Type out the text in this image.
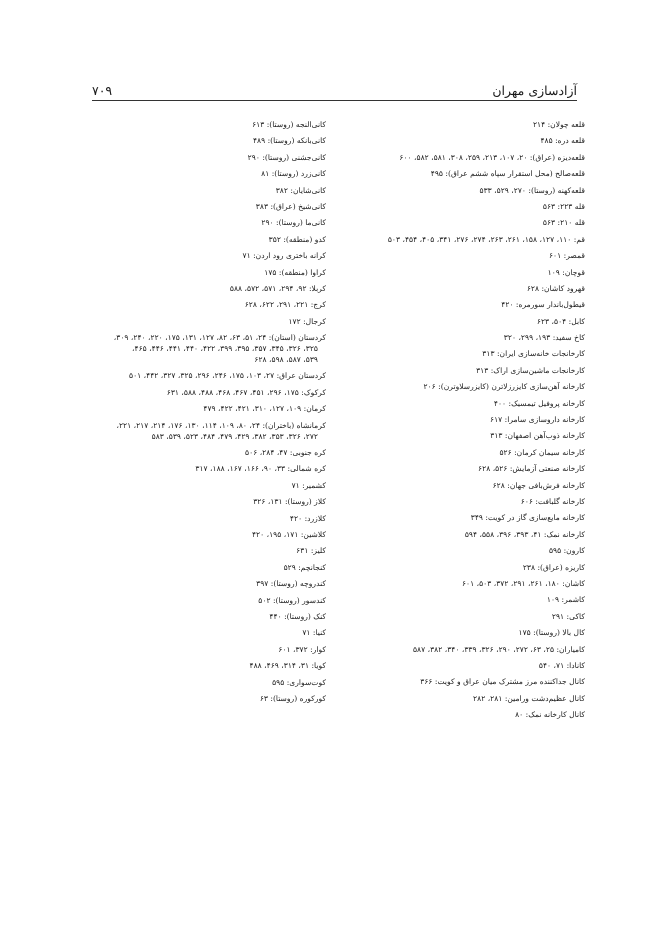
آزادسازی مهران
۷۰۹
قلعه چولان: ۲۱۴
قلعه دره: ۴۸۵
قلعه‌دیزه (عراق): ۲۰، ۱۰۷، ۲۱۳، ۲۵۹، ۳۰۸، ۵۸۱، ۵۸۲، ۶۰۰
قلعه‌صالح (محل استقرار سپاه ششم عراق): ۴۹۵
قلعه‌کهنه (روستا): ۲۷۰، ۵۲۹، ۵۳۳
قله ۲۲۳: ۵۶۳
قله ۲۱۰: ۵۶۳
قم: ۱۱۰، ۱۲۷، ۱۵۸، ۲۶۱، ۲۶۳، ۲۷۴، ۲۷۶، ۳۴۱، ۴۰۵، ۴۵۴، ۵۰۳
قمصر: ۶۰۱
قوچان: ۱۰۹
قهرود کاشان: ۶۲۸
قیطول‌باندار سورمره: ۴۲۰
کابل: ۵۰۴، ۶۲۳
کاخ سفید: ۱۹۳، ۲۹۹، ۳۲۰
کارخانجات خانه‌سازی ایران: ۳۱۳
کارخانجات ماشین‌سازی اراک: ۳۱۳
کارخانه آهن‌سازی کایزرزلاترن (کایزرسلاوترن): ۲۰۶
کارخانه پروفیل تیمسیک: ۴۰۰
کارخانه داروسازی سامرا: ۶۱۷
کارخانه ذوب‌آهن اصفهان: ۳۱۳
کارخانه سیمان کرمان: ۵۲۶
کارخانه صنعتی آزمایش: ۵۲۶، ۶۲۸
کارخانه فرش‌بافی جهان: ۶۲۸
کارخانه گلبافت: ۶۰۶
کارخانه مایع‌سازی گاز در کویت: ۳۴۹
کارخانه نمک: ۴۱، ۳۹۳، ۳۹۶، ۵۵۸، ۵۹۴
کارون: ۵۹۵
کاریزه (عراق): ۲۳۸
کاشان: ۱۸۰، ۲۶۱، ۲۹۱، ۳۷۲، ۵۰۳، ۶۰۱
کاشمر: ۱۰۹
کاکی: ۲۹۱
کال بالا (روستا): ۱۷۵
کامیاران: ۲۵، ۶۳، ۲۷۲، ۲۹۰، ۳۲۶، ۳۳۹، ۳۴۰، ۳۸۲، ۵۸۷
کانادا: ۷۱، ۵۴۰
کانال جداکننده مرز مشترک میان عراق و کویت: ۳۶۶
کانال عظیم‌دشت ورامین: ۲۸۱، ۲۸۲
کانال کارخانه نمک: ۸۰
کانی‌النجه (روستا): ۶۱۳
کانی‌بانکه (روستا): ۴۸۹
کانی‌جشنی (روستا): ۲۹۰
کانی‌زرد (روستا): ۸۱
کانی‌شایان: ۳۸۲
کانی‌شیخ (عراق): ۳۸۳
کانی‌ما (روستا): ۲۹۰
کدو (منطقه): ۳۵۲
کرانه باختری رود اردن: ۷۱
کراوا (منطقه): ۱۷۵
کربلا: ۹۲، ۲۹۴، ۵۷۱، ۵۷۲، ۵۸۸
کرج: ۲۲۱، ۲۹۱، ۶۲۲، ۶۲۸
کرجال: ۱۷۲
کردستان (استان): ۲۴، ۵۱، ۶۳، ۸۲، ۱۲۷، ۱۳۱، ۱۷۵، ۲۲۰، ۲۴۰، ۳۰۹،
۳۲۵، ۳۲۶، ۳۴۵، ۳۵۷، ۳۹۵، ۳۹۹، ۴۲۲، ۴۴۰، ۴۴۱، ۴۴۶، ۴۶۵،
۵۳۹، ۵۸۷، ۵۹۸، ۶۲۸
کردستان عراق: ۲۷، ۱۰۳، ۱۷۵، ۲۴۶، ۲۹۶، ۳۲۵، ۳۲۷، ۴۴۲، ۵۰۱
کرکوک: ۱۷۵، ۲۹۶، ۴۵۱، ۴۶۷، ۴۶۸، ۴۸۸، ۵۸۸، ۶۳۱
کرمان: ۱۰۹، ۱۲۷، ۳۱۰، ۴۲۱، ۴۲۲، ۴۷۹
کرمانشاه (باختران): ۲۴، ۸۰، ۱۰۹، ۱۱۴، ۱۳۰، ۱۷۶، ۲۱۴، ۲۱۷، ۲۲۱،
۲۷۲، ۳۲۶، ۳۵۳، ۳۸۲، ۴۲۹، ۴۷۹، ۴۸۴، ۵۲۳، ۵۳۹، ۵۸۳
کره جنوبی: ۴۷، ۲۸۴، ۵۰۶
کره شمالی: ۳۳، ۹۰، ۱۶۶، ۱۶۷، ۱۸۸، ۳۱۷
کشمیر: ۷۱
کلاز (روستا): ۱۳۱، ۳۲۶
کلازرد: ۴۲۰
کلاشین: ۱۷۱، ۱۹۵، ۴۲۰
کلیز: ۶۳۱
کنجانچم: ۵۲۹
کندروچه (روستا): ۳۹۷
کندسور (روستا): ۵۰۲
کنک (روستا): ۴۴۰
کنیا: ۷۱
کوار: ۳۷۲، ۶۰۱
کویا: ۳۱، ۳۱۴، ۴۶۹، ۴۸۸
کوت‌سواری: ۵۹۵
کورکوره (روستا): ۶۳
